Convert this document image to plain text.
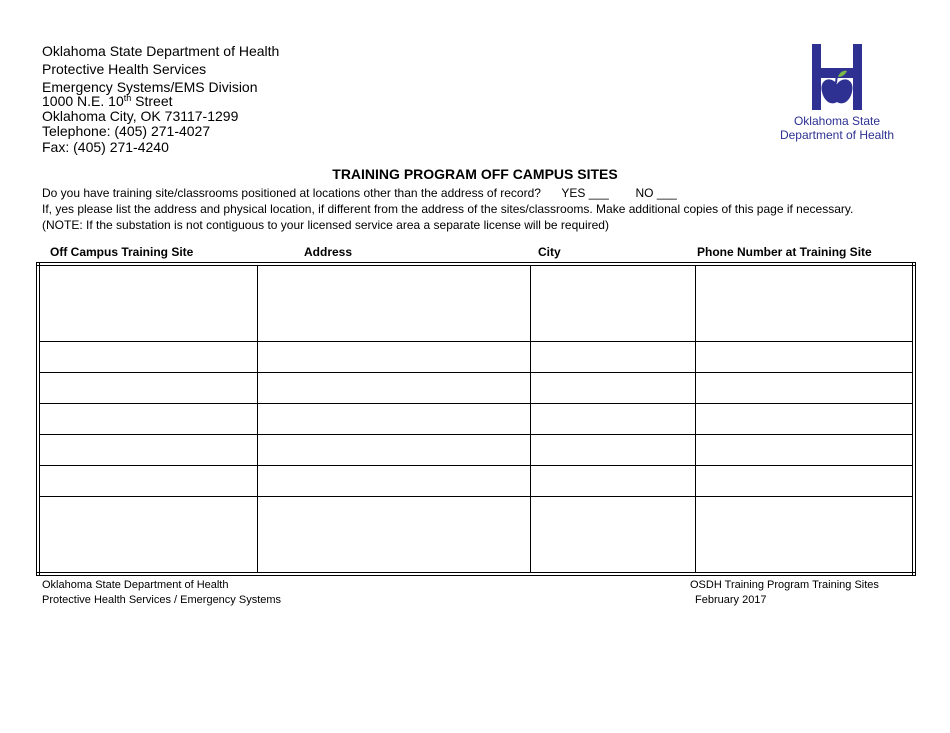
Oklahoma State Department of Health
Protective Health Services
Emergency Systems/EMS Division
1000 N.E. 10th Street
Oklahoma City, OK 73117-1299
Telephone: (405) 271-4027
Fax: (405) 271-4240
Oklahoma State
Department of Health
TRAINING PROGRAM OFF CAMPUS SITES
Do you have training site/classrooms positioned at locations other than the address of record? YES ___ NO ___
If, yes please list the address and physical location, if different from the address of the sites/classrooms. Make additional copies of this page if necessary.
(NOTE: If the substation is not contiguous to your licensed service area a separate license will be required)
Off Campus Training Site	Address	City	Phone Number at Training Site

Oklahoma State Department of Health
Protective Health Services / Emergency Systems
OSDH Training Program Training Sites
February 2017
